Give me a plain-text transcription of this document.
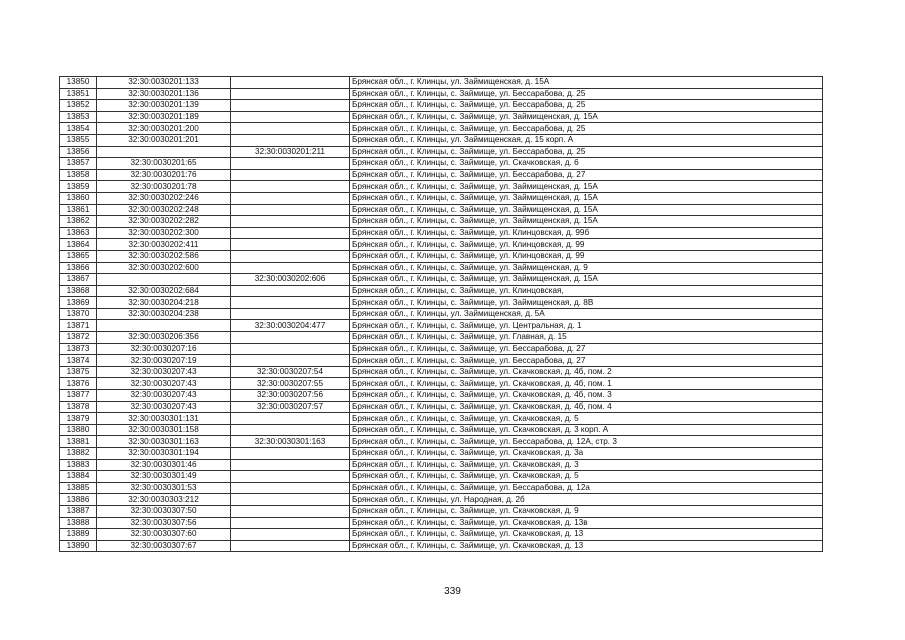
13850	32:30:0030201:133		Брянская обл., г. Клинцы, ул. Займищенская, д. 15А
13851	32:30:0030201:136		Брянская обл., г. Клинцы, с. Займище, ул. Бессарабова, д. 25
13852	32:30:0030201:139		Брянская обл., г. Клинцы, с. Займище, ул. Бессарабова, д. 25
13853	32:30:0030201:189		Брянская обл., г. Клинцы, с. Займище, ул. Займищенская, д. 15А
13854	32:30:0030201:200		Брянская обл., г. Клинцы, с. Займище, ул. Бессарабова, д. 25
13855	32:30:0030201:201		Брянская обл., г. Клинцы, ул. Займищенская, д. 15 корп. А
13856		32:30:0030201:211	Брянская обл., г. Клинцы, с. Займище, ул. Бессарабова, д. 25
13857	32:30:0030201:65		Брянская обл., г. Клинцы, с. Займище, ул. Скачковская, д. 6
13858	32:30:0030201:76		Брянская обл., г. Клинцы, с. Займище, ул. Бессарабова, д. 27
13859	32:30:0030201:78		Брянская обл., г. Клинцы, с. Займище, ул. Займищенская, д. 15А
13860	32:30:0030202:246		Брянская обл., г. Клинцы, с. Займище, ул. Займищенская, д. 15А
13861	32:30:0030202:248		Брянская обл., г. Клинцы, с. Займище, ул. Займищенская, д. 15А
13862	32:30:0030202:282		Брянская обл., г. Клинцы, с. Займище, ул. Займищенская, д. 15А
13863	32:30:0030202:300		Брянская обл., г. Клинцы, с. Займище, ул. Клинцовская, д. 99б
13864	32:30:0030202:411		Брянская обл., г. Клинцы, с. Займище, ул. Клинцовская, д. 99
13865	32:30:0030202:586		Брянская обл., г. Клинцы, с. Займище, ул. Клинцовская, д. 99
13866	32:30:0030202:600		Брянская обл., г. Клинцы, с. Займище, ул. Займищенская, д. 9
13867		32:30:0030202:606	Брянская обл., г. Клинцы, с. Займище, ул. Займищенская, д. 15А
13868	32:30:0030202:684		Брянская обл., г. Клинцы, с. Займище, ул. Клинцовская,
13869	32:30:0030204:218		Брянская обл., г. Клинцы, с. Займище, ул. Займищенская, д. 8В
13870	32:30:0030204:238		Брянская обл., г. Клинцы, ул. Займищенская, д. 5А
13871		32:30:0030204:477	Брянская обл., г. Клинцы, с. Займище, ул. Центральная, д. 1
13872	32:30:0030206:356		Брянская обл., г. Клинцы, с. Займище, ул. Главная, д. 15
13873	32:30:0030207:16		Брянская обл., г. Клинцы, с. Займище, ул. Бессарабова, д. 27
13874	32:30:0030207:19		Брянская обл., г. Клинцы, с. Займище, ул. Бессарабова, д. 27
13875	32:30:0030207:43	32:30:0030207:54	Брянская обл., г. Клинцы, с. Займище, ул. Скачковская, д. 4б, пом. 2
13876	32:30:0030207:43	32:30:0030207:55	Брянская обл., г. Клинцы, с. Займище, ул. Скачковская, д. 4б, пом. 1
13877	32:30:0030207:43	32:30:0030207:56	Брянская обл., г. Клинцы, с. Займище, ул. Скачковская, д. 4б, пом. 3
13878	32:30:0030207:43	32:30:0030207:57	Брянская обл., г. Клинцы, с. Займище, ул. Скачковская, д. 4б, пом. 4
13879	32:30:0030301:131		Брянская обл., г. Клинцы, с. Займище, ул. Скачковская, д. 5
13880	32:30:0030301:158		Брянская обл., г. Клинцы, с. Займище, ул. Скачковская, д. 3 корп. А
13881	32:30:0030301:163	32:30:0030301:163	Брянская обл., г. Клинцы, с. Займище, ул. Бессарабова, д. 12А, стр. 3
13882	32:30:0030301:194		Брянская обл., г. Клинцы, с. Займище, ул. Скачковская, д. 3а
13883	32:30:0030301:46		Брянская обл., г. Клинцы, с. Займище, ул. Скачковская, д. 3
13884	32:30:0030301:49		Брянская обл., г. Клинцы, с. Займище, ул. Скачковская, д. 5
13885	32:30:0030301:53		Брянская обл., г. Клинцы, с. Займище, ул. Бессарабова, д. 12а
13886	32:30:0030303:212		Брянская обл., г. Клинцы, ул. Народная, д. 2б
13887	32:30:0030307:50		Брянская обл., г. Клинцы, с. Займище, ул. Скачковская, д. 9
13888	32:30:0030307:56		Брянская обл., г. Клинцы, с. Займище, ул. Скачковская, д. 13в
13889	32:30:0030307:60		Брянская обл., г. Клинцы, с. Займище, ул. Скачковская, д. 13
13890	32:30:0030307:67		Брянская обл., г. Клинцы, с. Займище, ул. Скачковская, д. 13
339
